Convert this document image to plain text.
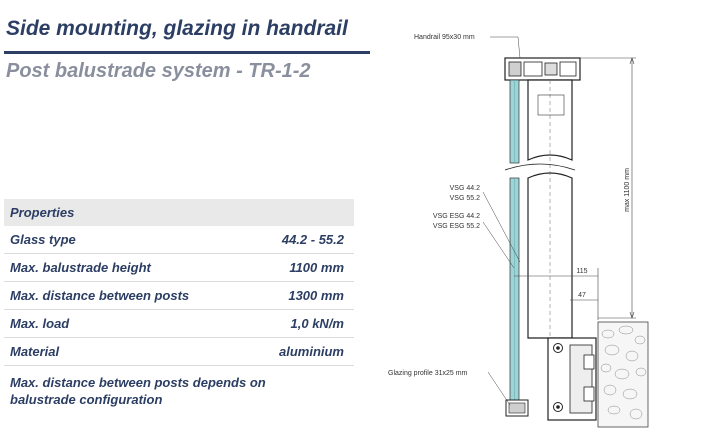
Side mounting, glazing in handrail
Post balustrade system - TR-1-2
Properties	
Glass type	44.2 - 55.2
Max. balustrade height	1100 mm
Max. distance between posts	1300 mm
Max. load	1,0 kN/m
Material	aluminium
Max. distance between posts depends on balustrade configuration
Handrail 95x30 mm
VSG 44.2
VSG 55.2
VSG ESG 44.2
VSG ESG 55.2
max 1100 mm
115
47
Glazing profile 31x25 mm
